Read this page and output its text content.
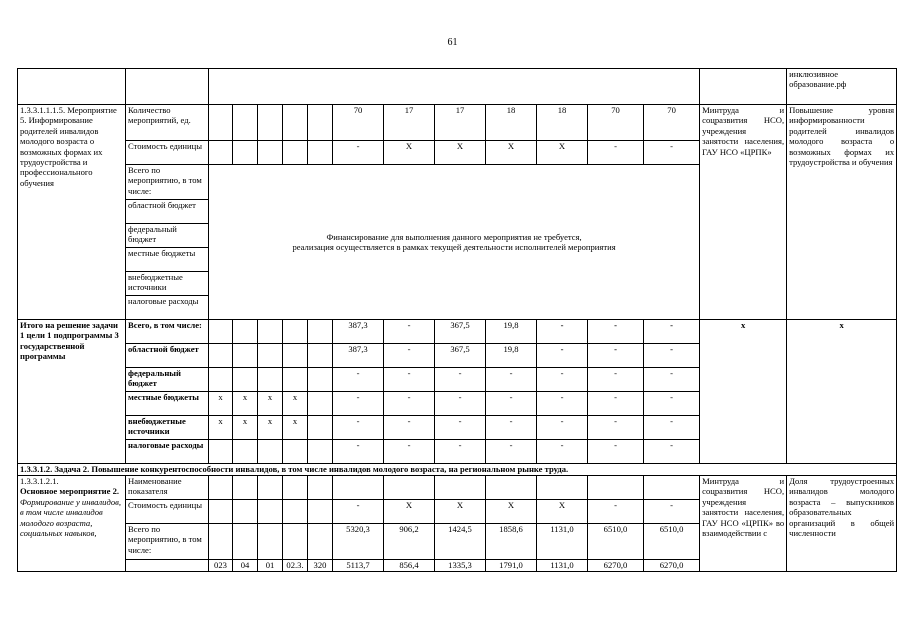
61
															инклюзивное образование.рф
1.3.3.1.1.1.5. Мероприятие 5. Информирование родителей инвалидов молодого возраста о возможных формах их трудоустройства и профессионального обучения	Количество мероприятий, ед.						70	17	17	18	18	70	70	Минтруда и соцразвития НСО, учреждения занятости населения, ГАУ НСО «ЦРПК»	Повышение уровня информированности родителей инвалидов молодого возраста о возможных формах их трудоустройства и обучения
	Стоимость единицы						-	X	X	X	X	-	-		
	Всего по мероприятию, в том числе:	Финансирование для выполнения данного мероприятия не требуется,
реализация осуществляется в рамках текущей деятельности исполнителей мероприятия													

	областной бюджет														
	федеральный бюджет														
	местные бюджеты														
	внебюджетные источники														
	налоговые расходы														
Итого на решение задачи 1 цели 1 подпрограммы 3 государственной программы	Всего, в том числе:						387,3	-	367,5	19,8	-	-	-	x	x
	областной бюджет						387,3	-	367,5	19,8	-	-	-		
	федеральный бюджет						-	-	-	-	-	-	-		
	местные бюджеты	x	x	x	x		-	-	-	-	-	-	-		
	внебюджетные источники	x	x	x	x		-	-	-	-	-	-	-		
	налоговые расходы						-	-	-	-	-	-	-		
1.3.3.1.2. Задача 2. Повышение конкурентоспособности инвалидов, в том числе инвалидов молодого возраста, на региональном рынке труда.															

1.3.3.1.2.1.
Основное мероприятие 2.
Формирование у инвалидов, в том числе инвалидов молодого возраста, социальных навыков,	Наименование показателя													Минтруда и соцразвития НСО, учреждения занятости населения, ГАУ НСО «ЦРПК» во взаимодействии с	Доля трудоустроенных инвалидов молодого возраста – выпускников образовательных организаций в общей численности
	Стоимость единицы						-	X	X	X	X	-	-		
	Всего по мероприятию, в том числе:						5320,3	906,2	1424,5	1858,6	1131,0	6510,0	6510,0		
		023	04	01	02.3.	320	5113,7	856,4	1335,3	1791,0	1131,0	6270,0	6270,0		
